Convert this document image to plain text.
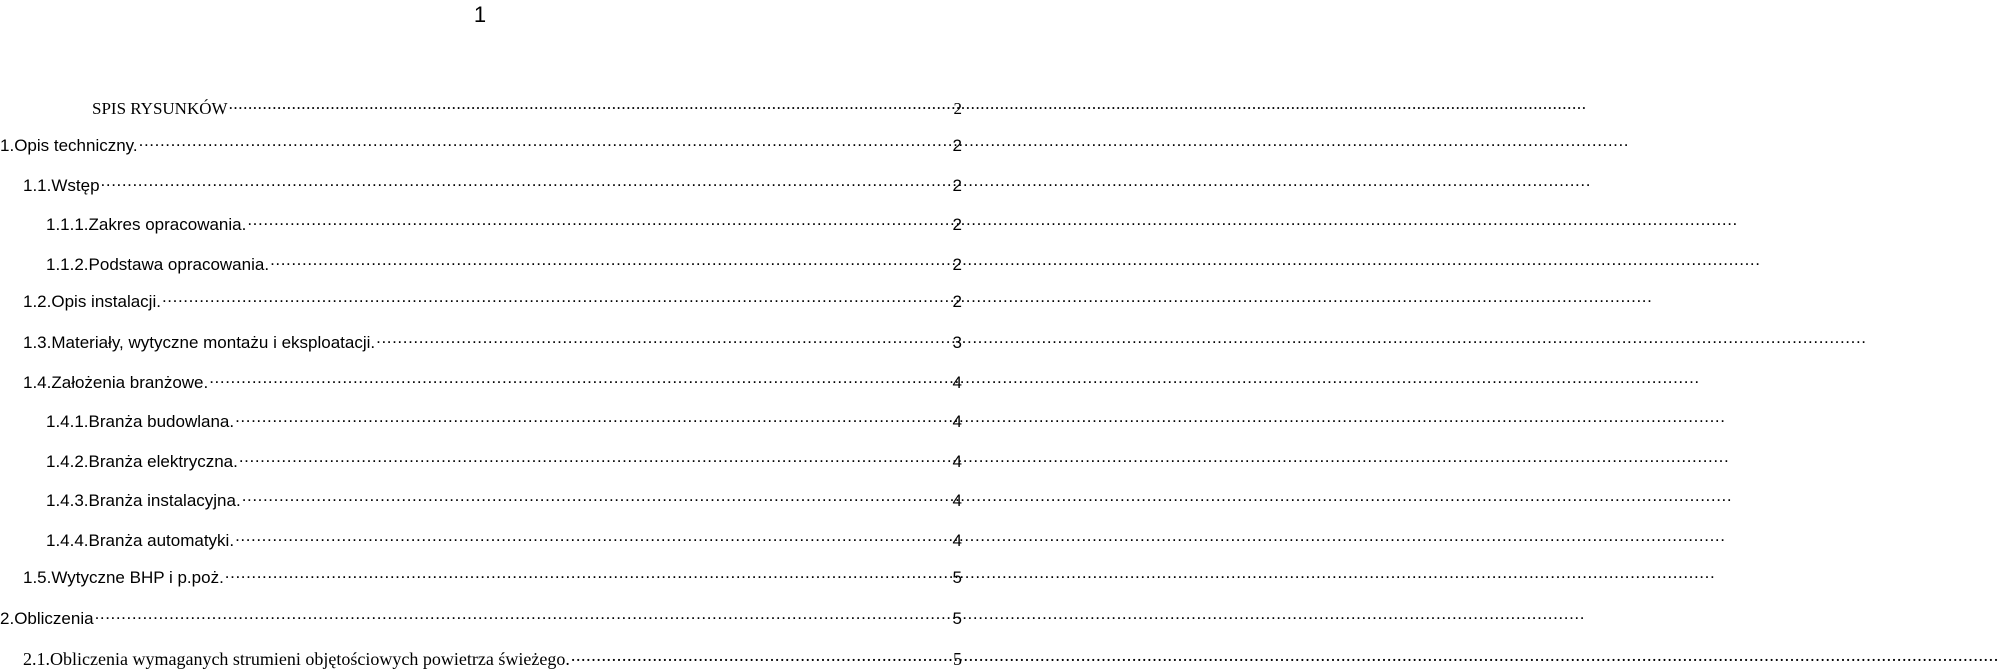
1
SPIS RYSUNKÓW .....	2
1. Opis techniczny. .....	2
1.1. Wstęp .....	2
1.1.1. Zakres opracowania. .....	2
1.1.2. Podstawa opracowania. .....	2
1.2. Opis instalacji. .....	2
1.3. Materiały, wytyczne montażu i eksploatacji. .....	3
1.4. Założenia branżowe. .....	4
1.4.1. Branża budowlana. .....	4
1.4.2. Branża elektryczna. .....	4
1.4.3. Branża instalacyjna. .....	4
1.4.4. Branża automatyki. .....	4
1.5. Wytyczne BHP i p.poż. .....	5
2. Obliczenia .....	5
2.1. Obliczenia wymaganych strumieni objętościowych powietrza świeżego. .....	5
